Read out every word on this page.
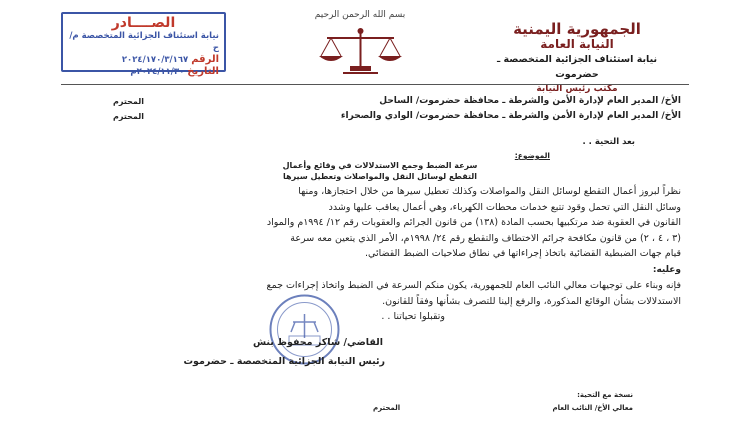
الجمهورية اليمنية
النيابة العامة
نيابة استئناف الجزائية المتخصصة ـ حضرموت
مكتب رئيس النيابة
بسم الله الرحمن الرحيم
الصــــادر
نيابة استئناف الجزائية المتخصصة م/ ح
الرقم ٢٠٢٤/١٧٠/٣/١٦٧
التاريخ ٢٠٢٤/١١/٣٠م
الأخ/ المدير العام لإدارة الأمن والشرطة ـ محافظة حضرموت/ الساحل
المحترم
الأخ/ المدير العام لإدارة الأمن والشرطة ـ محافظة حضرموت/ الوادي والصحراء
المحترم
بعد التحية . .
الموضوع:
سرعة الضبط وجمع الاستدلالات في وقائع وأعمال
التقطع لوسائل النقل والمواصلات وتعطيل سيرها
نظراً لبروز أعمال التقطع لوسائل النقل والمواصلات وكذلك تعطيل سيرها من خلال احتجازها، ومنها
وسائل النقل التي تحمل وقود تتبع خدمات محطات الكهرباء، وهي أعمال يعاقب عليها وشدد
القانون في العقوبة ضد مرتكبيها بحسب المادة (١٣٨) من قانون الجرائم والعقوبات رقم ١٢/ ١٩٩٤م والمواد
(٣ ، ٤ ، ٢) من قانون مكافحة جرائم الاختطاف والتقطع رقم ٢٤/ ١٩٩٨م، الأمر الذي يتعين معه سرعة
قيام جهات الضبطية القضائية باتخاذ إجراءاتها في نطاق صلاحيات الضبط القضائي.
وعليه:
فإنه وبناء على توجيهات معالي النائب العام للجمهورية، يكون منكم السرعة في الضبط واتخاذ إجراءات جمع
الاستدلالات بشأن الوقائع المذكورة، والرفع إلينا للتصرف بشأنها وفقاً للقانون.
وتقبلوا تحياتنا . .
القاضي/ شاكر محفوظ بنش
رئيس النيابة الجزائية المتخصصة ـ حضرموت
نسخة مع التحية:
معالي الأخ/ النائب العام
المحترم
